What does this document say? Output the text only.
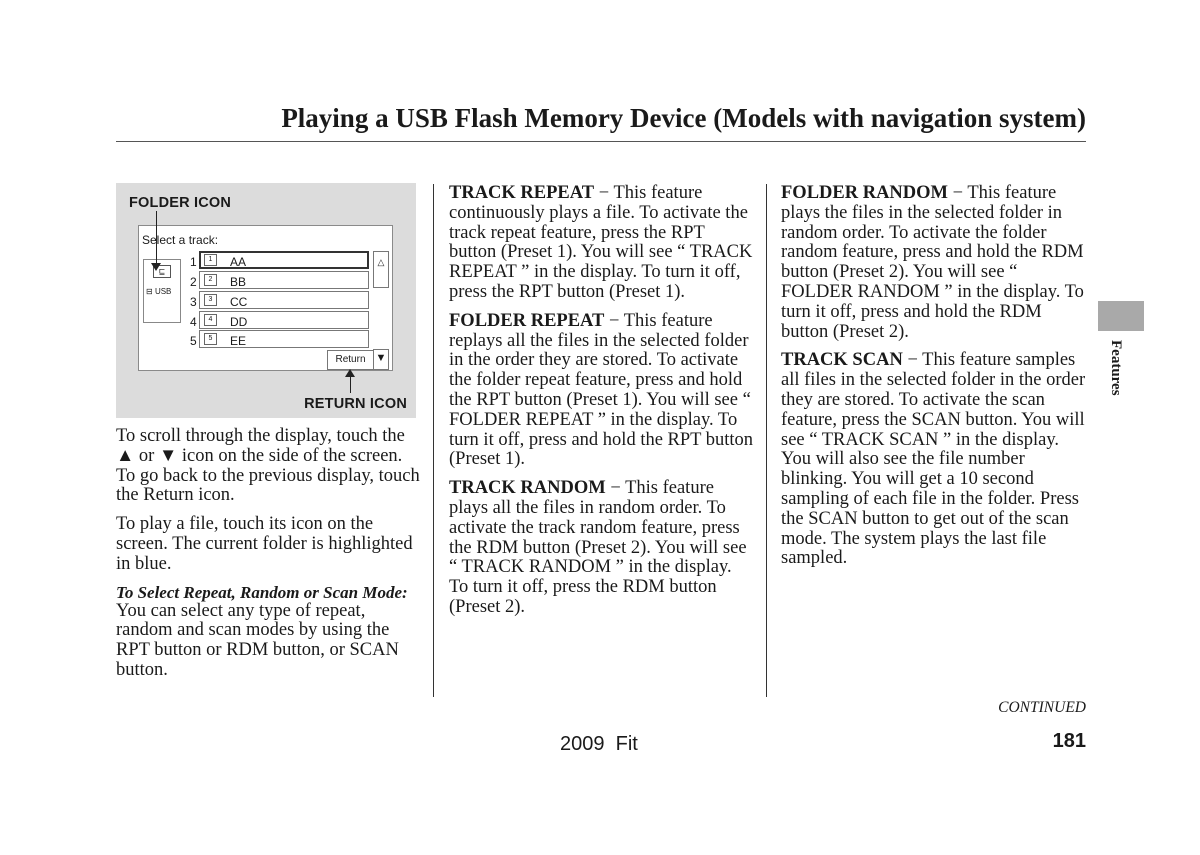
Playing a USB Flash Memory Device (Models with navigation system)
FOLDER ICON
Select a track:
⊑
⊟ USB
1	1	AA
2	2	BB
3	3	CC
4	4	DD
5	5	EE
△
Return ▼
RETURN ICON

To scroll through the display, touch the ▲ or ▼ icon on the side of the screen. To go back to the previous display, touch the Return icon.

To play a file, touch its icon on the screen. The current folder is highlighted in blue.

To Select Repeat, Random or Scan Mode:

You can select any type of repeat, random and scan modes by using the RPT button or RDM button, or SCAN button.

TRACK REPEAT − This feature continuously plays a file. To activate the track repeat feature, press the RPT button (Preset 1). You will see “ TRACK REPEAT ” in the display. To turn it off, press the RPT button (Preset 1).

FOLDER REPEAT − This feature replays all the files in the selected folder in the order they are stored. To activate the folder repeat feature, press and hold the RPT button (Preset 1). You will see “ FOLDER REPEAT ” in the display. To turn it off, press and hold the RPT button (Preset 1).

TRACK RANDOM − This feature plays all the files in random order. To activate the track random feature, press the RDM button (Preset 2). You will see “ TRACK RANDOM ” in the display. To turn it off, press the RDM button (Preset 2).

FOLDER RANDOM − This feature plays the files in the selected folder in random order. To activate the folder random feature, press and hold the RDM button (Preset 2). You will see “ FOLDER RANDOM ” in the display. To turn it off, press and hold the RDM button (Preset 2).

TRACK SCAN − This feature samples all files in the selected folder in the order they are stored. To activate the scan feature, press the SCAN button. You will see “ TRACK SCAN ” in the display. You will also see the file number blinking. You will get a 10 second sampling of each file in the folder. Press the SCAN button to get out of the scan mode. The system plays the last file sampled.

Features
CONTINUED
2009  Fit	181
